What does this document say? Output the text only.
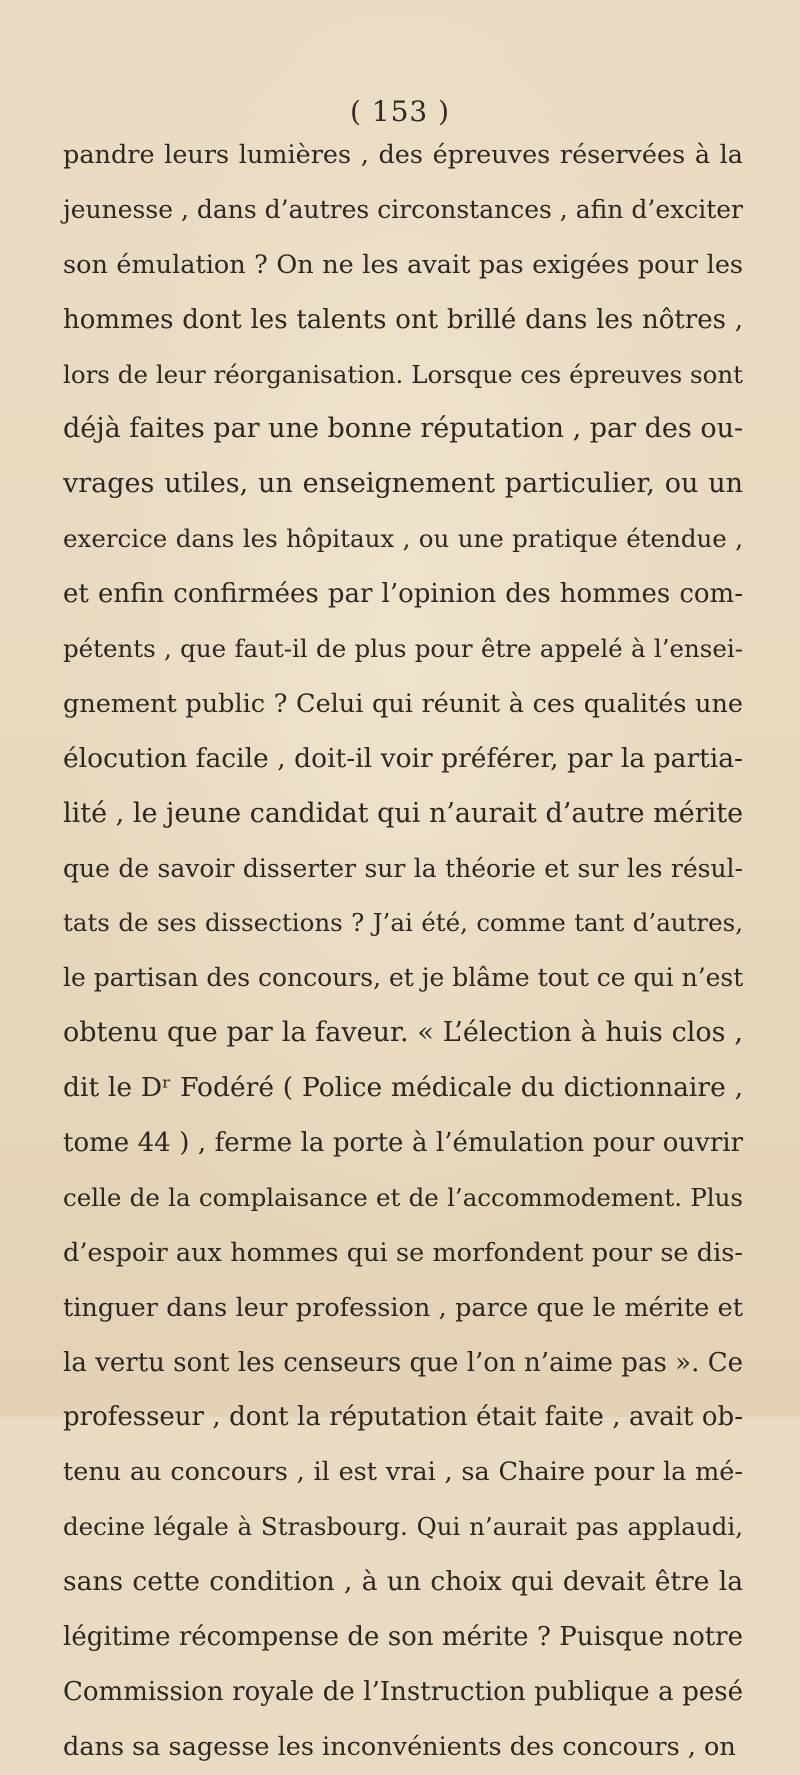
( 153 )
pandre leurs lumières , des épreuves réservées à la
jeunesse , dans d’autres circonstances , afin d’exciter
son émulation ? On ne les avait pas exigées pour les
hommes dont les talents ont brillé dans les nôtres ,
lors de leur réorganisation. Lorsque ces épreuves sont
déjà faites par une bonne réputation , par des ou-
vrages utiles, un enseignement particulier, ou un
exercice dans les hôpitaux , ou une pratique étendue ,
et enfin confirmées par l’opinion des hommes com-
pétents , que faut-il de plus pour être appelé à l’ensei-
gnement public ? Celui qui réunit à ces qualités une
élocution facile , doit-il voir préférer, par la partia-
lité , le jeune candidat qui n’aurait d’autre mérite
que de savoir disserter sur la théorie et sur les résul-
tats de ses dissections ? J’ai été, comme tant d’autres,
le partisan des concours, et je blâme tout ce qui n’est
obtenu que par la faveur. « L’élection à huis clos ,
dit le Dʳ Fodéré ( Police médicale du dictionnaire ,
tome 44 ) , ferme la porte à l’émulation pour ouvrir
celle de la complaisance et de l’accommodement. Plus
d’espoir aux hommes qui se morfondent pour se dis-
tinguer dans leur profession , parce que le mérite et
la vertu sont les censeurs que l’on n’aime pas ». Ce
professeur , dont la réputation était faite , avait ob-
tenu au concours , il est vrai , sa Chaire pour la mé-
decine légale à Strasbourg. Qui n’aurait pas applaudi,
sans cette condition , à un choix qui devait être la
légitime récompense de son mérite ? Puisque notre
Commission royale de l’Instruction publique a pesé
dans sa sagesse les inconvénients des concours , on
